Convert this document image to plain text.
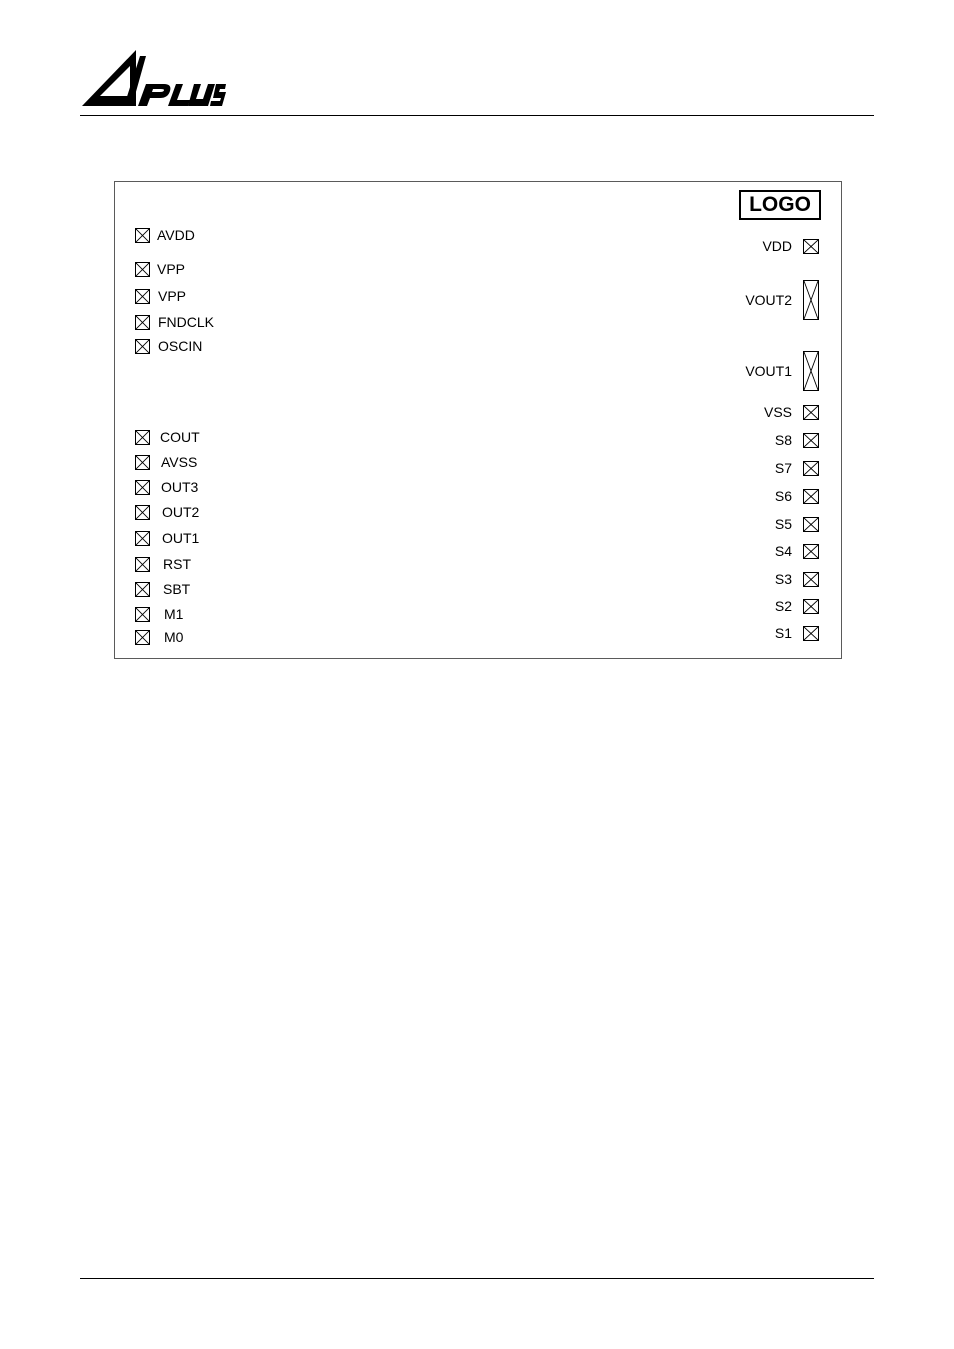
LOGO
AVDD
VPP
VPP
FNDCLK
OSCIN
COUT
AVSS
OUT3
OUT2
OUT1
RST
SBT
M1
M0
VDD
VOUT2
VOUT1
VSS
S8
S7
S6
S5
S4
S3
S2
S1
